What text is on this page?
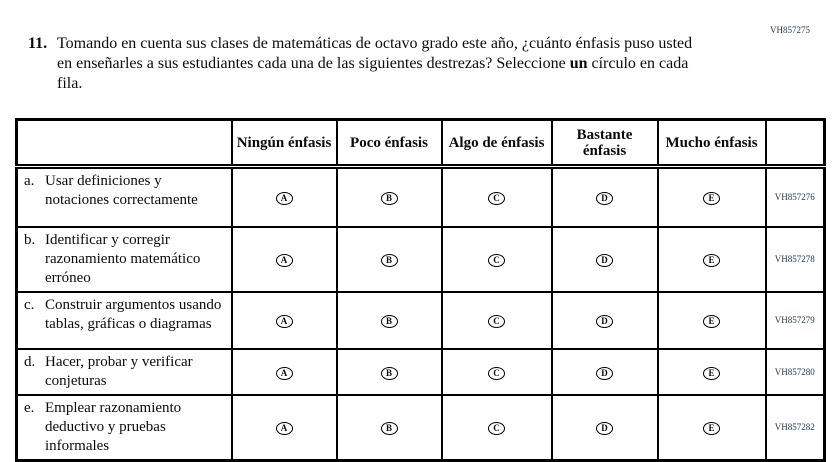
VH857275
11. Tomando en cuenta sus clases de matemáticas de octavo grado este año, ¿cuánto énfasis puso usted en enseñarles a sus estudiantes cada una de las siguientes destrezas? Seleccione un círculo en cada fila.
	Ningún énfasis	Poco énfasis	Algo de énfasis	Bastante énfasis	Mucho énfasis	

a. Usar definiciones y notaciones correctamente	A	B	C	D	E	VH857276

b. Identificar y corregir razonamiento matemático erróneo	A	B	C	D	E	VH857278

c. Construir argumentos usando tablas, gráficas o diagramas	A	B	C	D	E	VH857279

d. Hacer, probar y verificar conjeturas	A	B	C	D	E	VH857280

e. Emplear razonamiento deductivo y pruebas informales	A	B	C	D	E	VH857282
